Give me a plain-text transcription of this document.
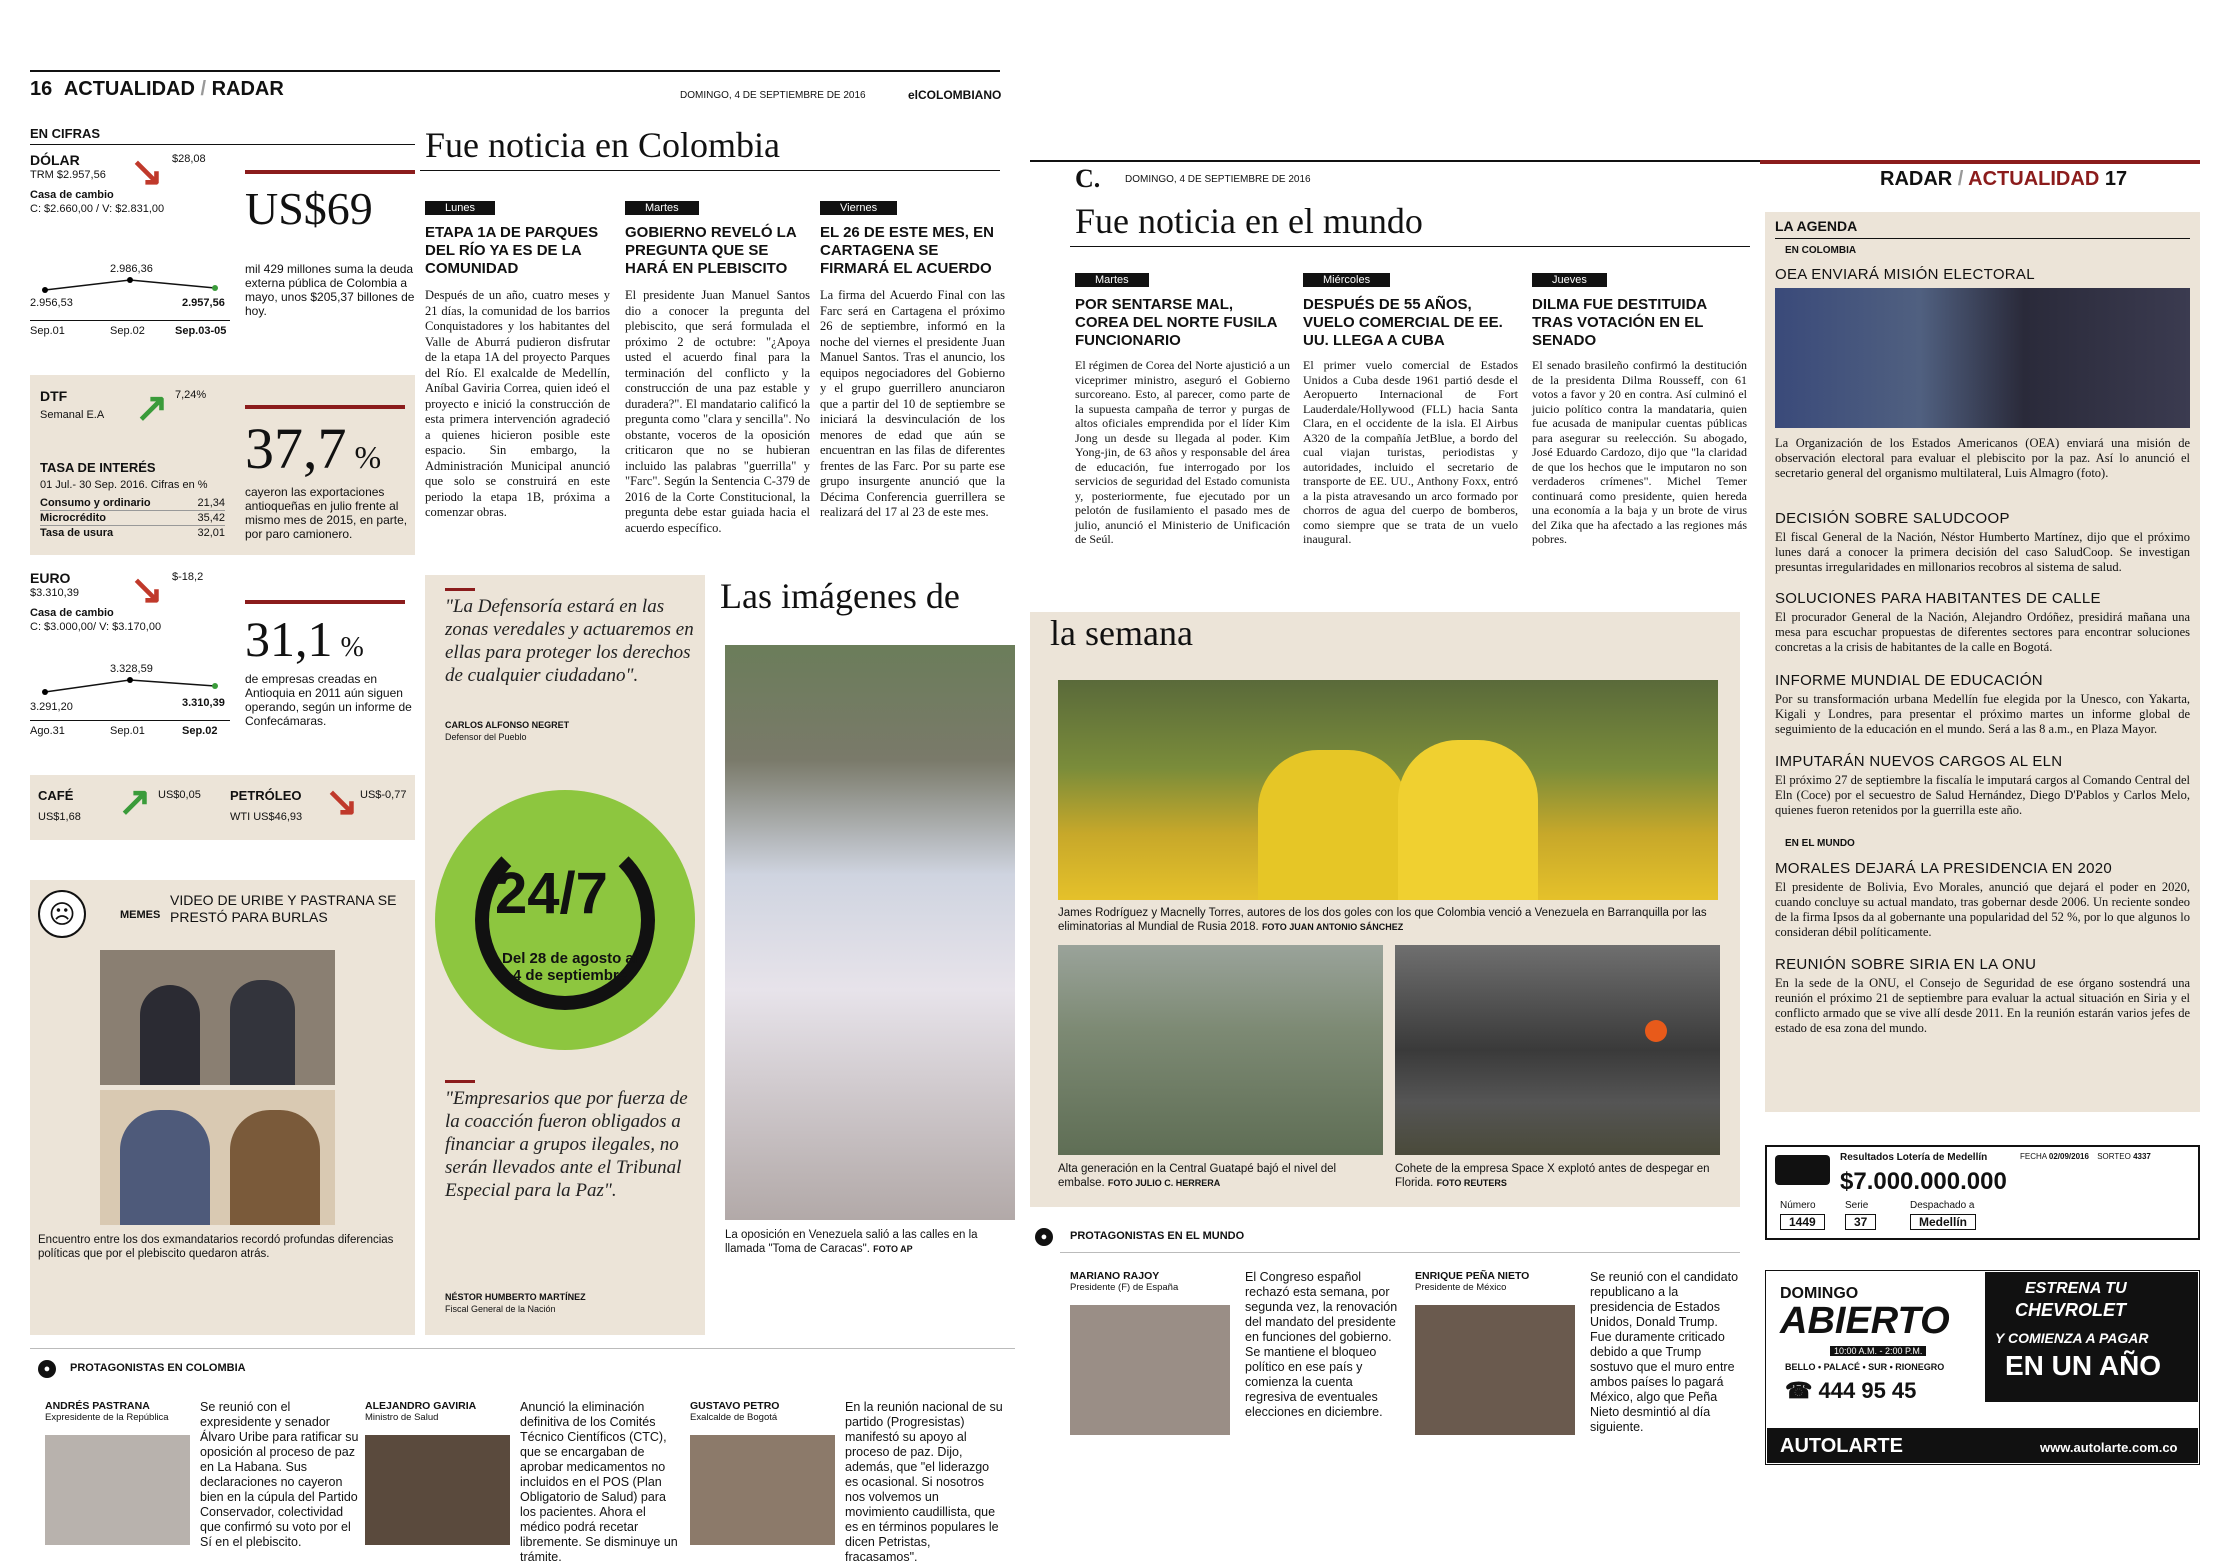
16 ACTUALIDAD / RADAR	DOMINGO, 4 DE SEPTIEMBRE DE 2016	elCOLOMBIANO
EN CIFRAS
DÓLAR
TRM $2.957,56 ↘ $28,08
Casa de cambio
C: $2.660,00 / V: $2.831,00
2.986,36
2.956,53	2.957,56
Sep.01	Sep.02	Sep.03-05
US$69
mil 429 millones suma la deuda externa pública de Colombia a mayo, unos $205,37 billones de hoy.
DTF
Semanal E.A ↗ 7,24%
TASA DE INTERÉS
01 Jul.- 30 Sep. 2016. Cifras en %
Consumo y ordinario	21,34
Microcrédito	35,42
Tasa de usura	32,01
37,7 %
cayeron las exportaciones antioqueñas en julio frente al mismo mes de 2015, en parte, por paro camionero.
EURO
$3.310,39	↘ $-18,2
Casa de cambio
C: $3.000,00/ V: $3.170,00
3.328,59
3.291,20	3.310,39
Ago.31	Sep.01	Sep.02
31,1 %
de empresas creadas en Antioquia en 2011 aún siguen operando, según un informe de Confecámaras.
CAFÉ
US$1,68 ↗ US$0,05 PETRÓLEO
WTI US$46,93 ↘ US$-0,77
Fue noticia en Colombia
Lunes
ETAPA 1A DE PARQUES DEL RÍO YA ES DE LA COMUNIDAD
Después de un año, cuatro meses y 21 días, la comunidad de los barrios Conquistadores y los habitantes del Valle de Aburrá pudieron disfrutar de la etapa 1A del proyecto Parques del Río. El exalcalde de Medellín, Aníbal Gaviria Correa, quien ideó el proyecto e inició la construcción de esta primera intervención agradeció a quienes hicieron posible este espacio. Sin embargo, la Administración Municipal anunció que solo se construirá en este periodo la etapa 1B, próxima a comenzar obras.
Martes
GOBIERNO REVELÓ LA PREGUNTA QUE SE HARÁ EN PLEBISCITO
El presidente Juan Manuel Santos dio a conocer la pregunta del plebiscito, que será formulada el próximo 2 de octubre: "¿Apoya usted el acuerdo final para la terminación del conflicto y la construcción de una paz estable y duradera?". El mandatario calificó la pregunta como "clara y sencilla". No obstante, voceros de la oposición criticaron que no se hubieran incluido las palabras "guerrilla" y "Farc". Según la Sentencia C-379 de 2016 de la Corte Constitucional, la pregunta debe estar guiada hacia el acuerdo específico.
Viernes
EL 26 DE ESTE MES, EN CARTAGENA SE FIRMARÁ EL ACUERDO
La firma del Acuerdo Final con las Farc será en Cartagena el próximo 26 de septiembre, informó en la noche del viernes el presidente Juan Manuel Santos. Tras el anuncio, los equipos negociadores del Gobierno y el grupo guerrillero anunciaron que a partir del 10 de septiembre se iniciará la desvinculación de los menores de edad que aún se encuentran en las filas de diferentes frentes de las Farc. Por su parte ese grupo insurgente anunció que la Décima Conferencia guerrillera se realizará del 17 al 23 de este mes.
☹	MEMES
VIDEO DE URIBE Y PASTRANA SE PRESTÓ PARA BURLAS
Encuentro entre los dos exmandatarios recordó profundas diferencias políticas que por el plebiscito quedaron atrás.
"La Defensoría estará en las zonas veredales y actuaremos en ellas para proteger los derechos de cualquier ciudadano".
CARLOS ALFONSO NEGRET
Defensor del Pueblo
24/7
Del 28 de agosto al 4 de septiembre
"Empresarios que por fuerza de la coacción fueron obligados a financiar a grupos ilegales, no serán llevados ante el Tribunal Especial para la Paz".
NÉSTOR HUMBERTO MARTÍNEZ
Fiscal General de la Nación
Las imágenes de
La oposición en Venezuela salió a las calles en la llamada "Toma de Caracas". FOTO AP
●	PROTAGONISTAS EN COLOMBIA
ANDRÉS PASTRANA
Expresidente de la República
Se reunió con el expresidente y senador Álvaro Uribe para ratificar su oposición al proceso de paz en La Habana. Sus declaraciones no cayeron bien en la cúpula del Partido Conservador, colectividad que confirmó su voto por el Sí en el plebiscito.
ALEJANDRO GAVIRIA
Ministro de Salud
Anunció la eliminación definitiva de los Comités Técnico Científicos (CTC), que se encargaban de aprobar medicamentos no incluidos en el POS (Plan Obligatorio de Salud) para los pacientes. Ahora el médico podrá recetar libremente. Se disminuye un trámite.
GUSTAVO PETRO
Exalcalde de Bogotá
En la reunión nacional de su partido (Progresistas) manifestó su apoyo al proceso de paz. Dijo, además, que "el liderazgo es ocasional. Si nosotros nos volvemos un movimiento caudillista, que es en términos populares le dicen Petristas, fracasamos".
C. DOMINGO, 4 DE SEPTIEMBRE DE 2016	RADAR / ACTUALIDAD 17
Fue noticia en el mundo
Martes
POR SENTARSE MAL, COREA DEL NORTE FUSILA FUNCIONARIO
El régimen de Corea del Norte ajustició a un viceprimer ministro, aseguró el Gobierno surcoreano. Esto, al parecer, como parte de la supuesta campaña de terror y purgas de altos oficiales emprendida por el líder Kim Jong un desde su llegada al poder. Kim Yong-jin, de 63 años y responsable del área de educación, fue interrogado por los servicios de seguridad del Estado comunista y, posteriormente, fue ejecutado por un pelotón de fusilamiento el pasado mes de julio, anunció el Ministerio de Unificación de Seúl.
Miércoles
DESPUÉS DE 55 AÑOS, VUELO COMERCIAL DE EE. UU. LLEGA A CUBA
El primer vuelo comercial de Estados Unidos a Cuba desde 1961 partió desde el Aeropuerto Internacional de Fort Lauderdale/Hollywood (FLL) hacia Santa Clara, en el occidente de la isla. El Airbus A320 de la compañía JetBlue, a bordo del cual viajan turistas, periodistas y autoridades, incluido el secretario de transporte de EE. UU., Anthony Foxx, entró a la pista atravesando un arco formado por chorros de agua del cuerpo de bomberos, como siempre que se trata de un vuelo inaugural.
Jueves
DILMA FUE DESTITUIDA TRAS VOTACIÓN EN EL SENADO
El senado brasileño confirmó la destitución de la presidenta Dilma Rousseff, con 61 votos a favor y 20 en contra. Así culminó el juicio político contra la mandataria, quien fue acusada de manipular cuentas públicas para asegurar su reelección. Su abogado, José Eduardo Cardozo, dijo que "la claridad de que los hechos que le imputaron no son verdaderos crímenes". Michel Temer continuará como presidente, quien hereda una economía a la baja y un brote de virus del Zika que ha afectado a las regiones más pobres.
la semana
James Rodríguez y Macnelly Torres, autores de los dos goles con los que Colombia venció a Venezuela en Barranquilla por las eliminatorias al Mundial de Rusia 2018. FOTO JUAN ANTONIO SÁNCHEZ
Alta generación en la Central Guatapé bajó el nivel del embalse. FOTO JULIO C. HERRERA
Cohete de la empresa Space X explotó antes de despegar en Florida. FOTO REUTERS
LA AGENDA
EN COLOMBIA
OEA ENVIARÁ MISIÓN ELECTORAL
La Organización de los Estados Americanos (OEA) enviará una misión de observación electoral para evaluar el plebiscito por la paz. Así lo anunció el secretario general del organismo multilateral, Luis Almagro (foto).
DECISIÓN SOBRE SALUDCOOP
El fiscal General de la Nación, Néstor Humberto Martínez, dijo que el próximo lunes dará a conocer la primera decisión del caso SaludCoop. Se investigan presuntas irregularidades en millonarios recobros al sistema de salud.
SOLUCIONES PARA HABITANTES DE CALLE
El procurador General de la Nación, Alejandro Ordóñez, presidirá mañana una mesa para escuchar propuestas de diferentes sectores para encontrar soluciones concretas a la crisis de habitantes de la calle en Bogotá.
INFORME MUNDIAL DE EDUCACIÓN
Por su transformación urbana Medellín fue elegida por la Unesco, con Yakarta, Kigali y Londres, para presentar el próximo martes un informe global de seguimiento de la educación en el mundo. Será a las 8 a.m., en Plaza Mayor.
IMPUTARÁN NUEVOS CARGOS AL ELN
El próximo 27 de septiembre la fiscalía le imputará cargos al Comando Central del Eln (Coce) por el secuestro de Salud Hernández, Diego D'Pablos y Carlos Melo, quienes fueron retenidos por la guerrilla este año.
EN EL MUNDO
MORALES DEJARÁ LA PRESIDENCIA EN 2020
El presidente de Bolivia, Evo Morales, anunció que dejará el poder en 2020, cuando concluye su actual mandato, tras gobernar desde 2006. Un reciente sondeo de la firma Ipsos da al gobernante una popularidad del 52 %, por lo que algunos lo consideran débil políticamente.
REUNIÓN SOBRE SIRIA EN LA ONU
En la sede de la ONU, el Consejo de Seguridad de ese órgano sostendrá una reunión el próximo 21 de septiembre para evaluar la actual situación en Siria y el conflicto armado que se vive allí desde 2011. En la reunión estarán varios jefes de estado de esa zona del mundo.
Resultados Lotería de Medellín
$7.000.000.000
FECHA 02/09/2016 SORTEO 4337
Número
1449
Serie
37
Despachado a
Medellín
DOMINGO
ABIERTO
10:00 A.M. - 2:00 P.M.
BELLO • PALACÉ • SUR • RIONEGRO
☎ 444 95 45
ESTRENA TU
CHEVROLET
Y COMIENZA A PAGAR
EN UN AÑO
AUTOLARTE	www.autolarte.com.co
●	PROTAGONISTAS EN EL MUNDO
MARIANO RAJOY
Presidente (F) de España
El Congreso español rechazó esta semana, por segunda vez, la renovación del mandato del presidente en funciones del gobierno. Se mantiene el bloqueo político en ese país y comienza la cuenta regresiva de eventuales elecciones en diciembre.
ENRIQUE PEÑA NIETO
Presidente de México
Se reunió con el candidato republicano a la presidencia de Estados Unidos, Donald Trump. Fue duramente criticado debido a que Trump sostuvo que el muro entre ambos países lo pagará México, algo que Peña Nieto desmintió al día siguiente.
